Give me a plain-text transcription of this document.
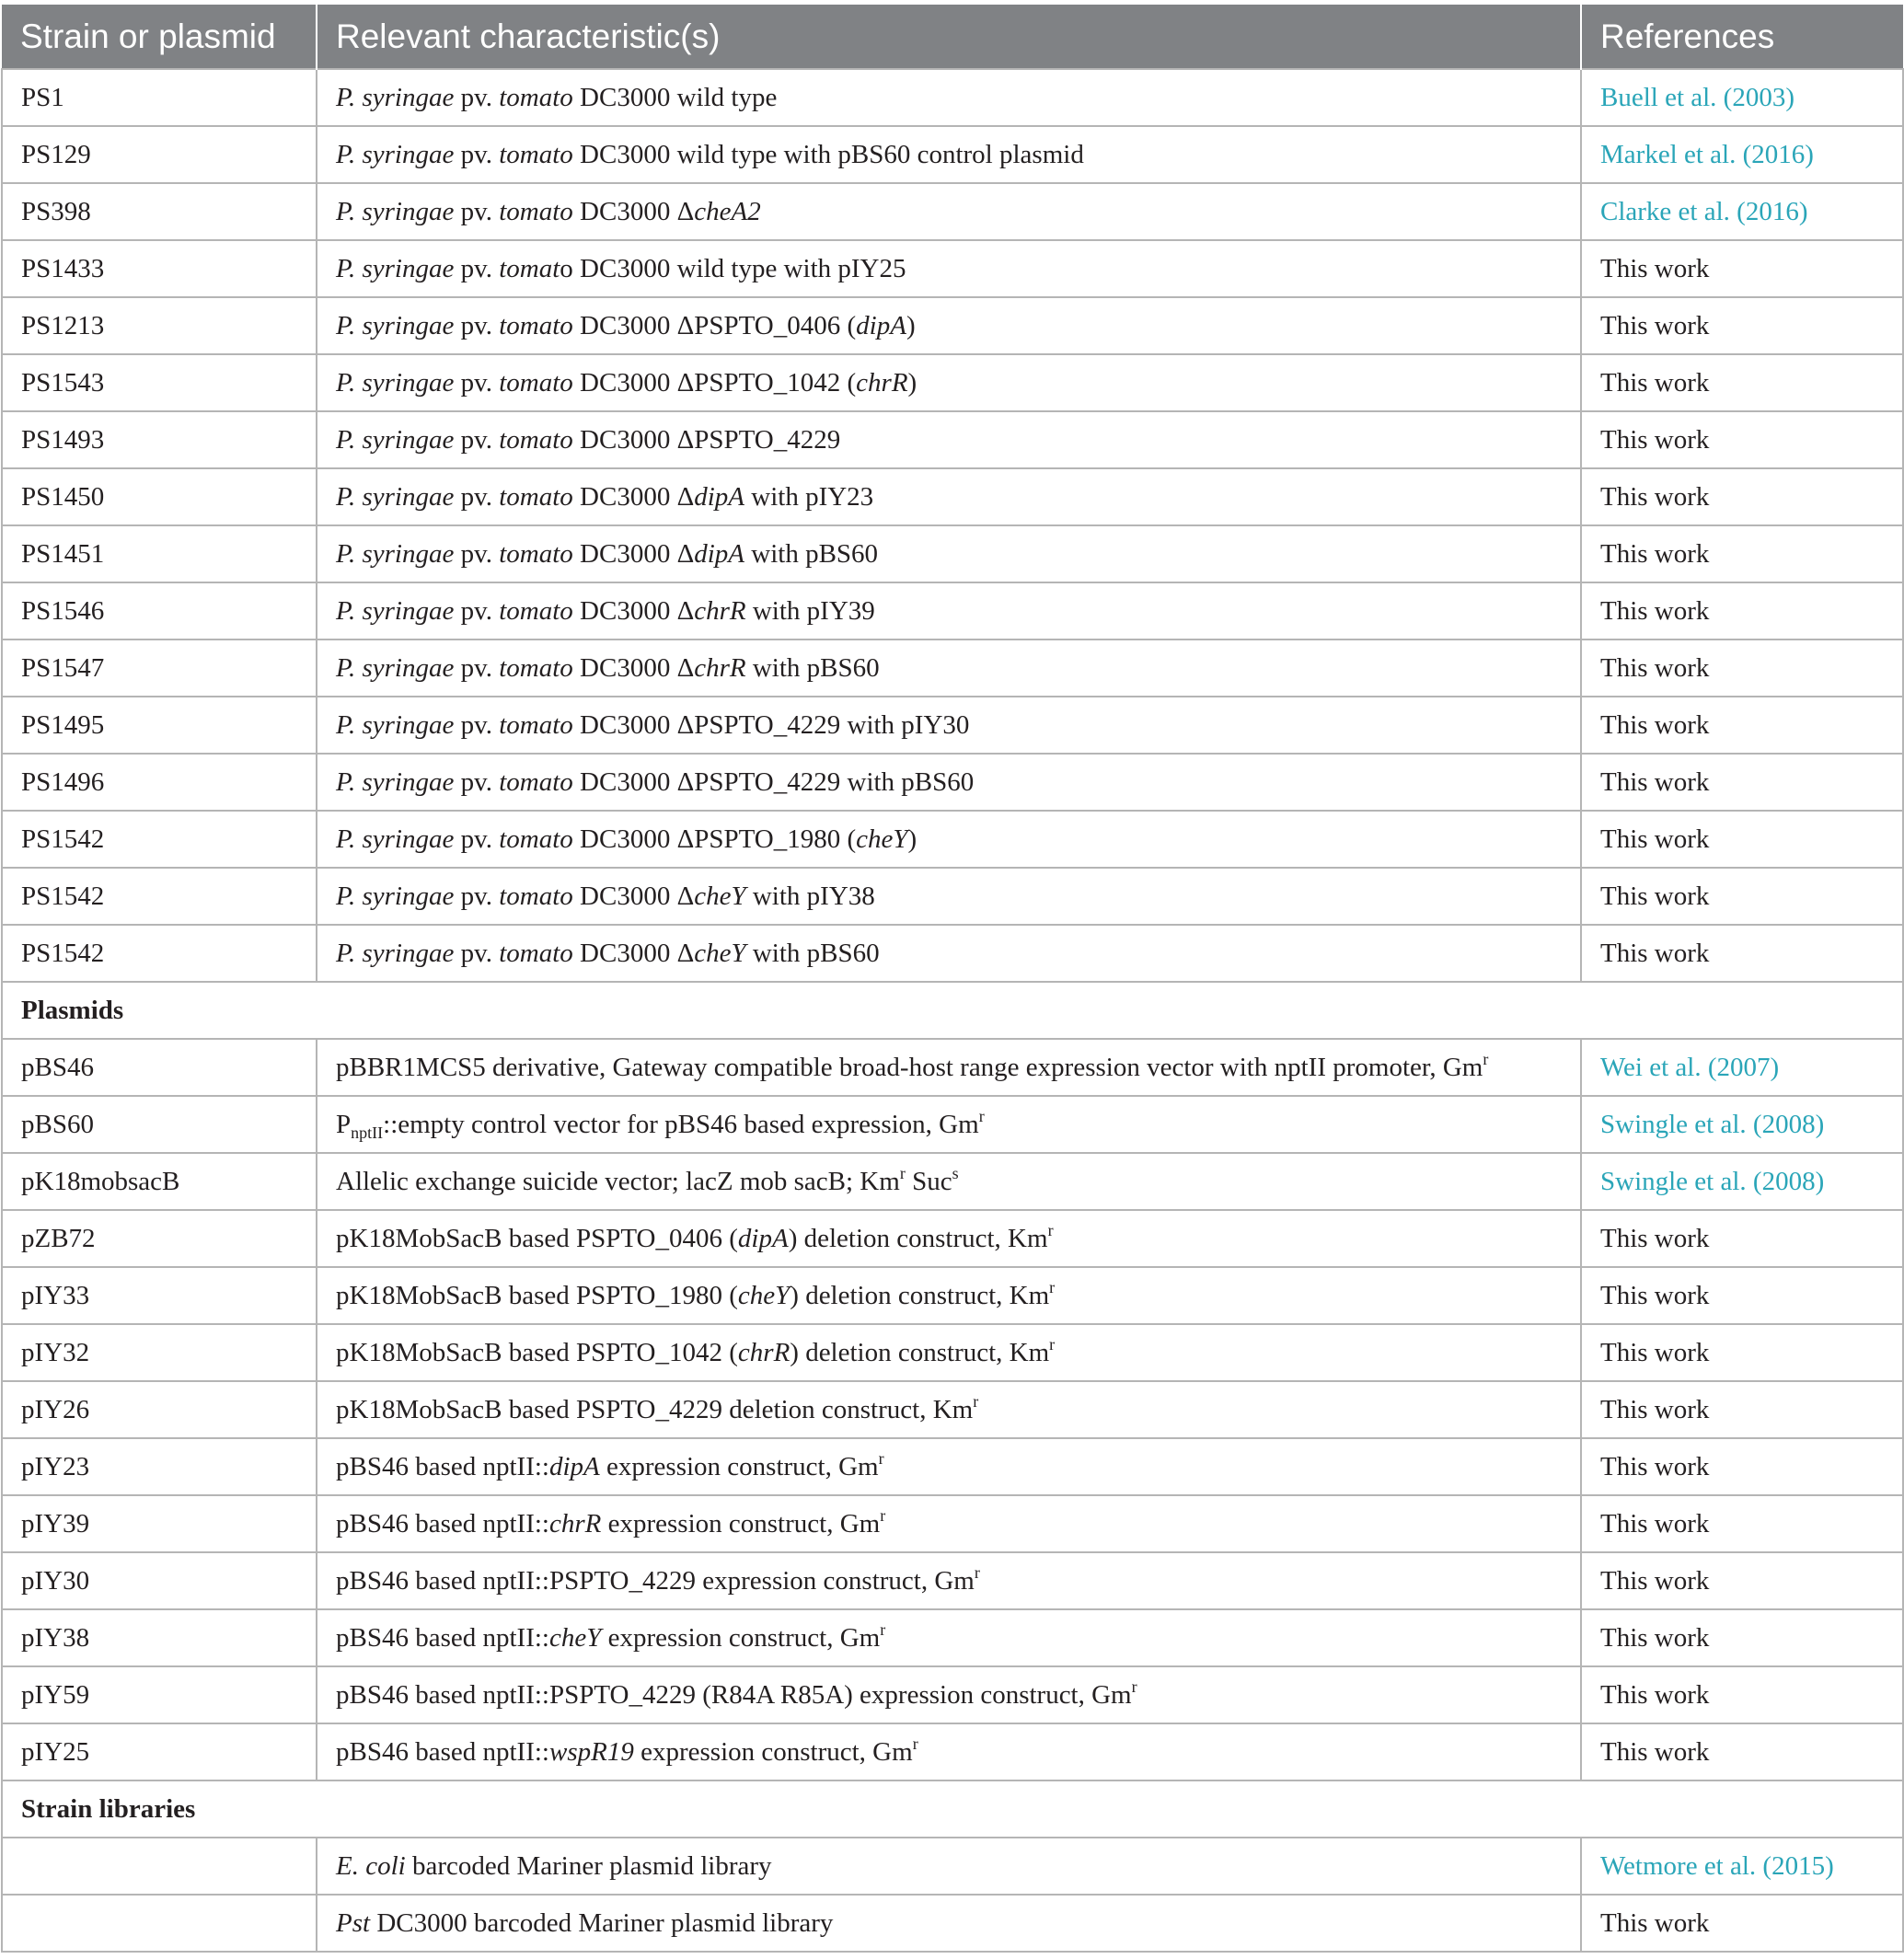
Strain or plasmid	Relevant characteristic(s)	References
PS1	P. syringae pv. tomato DC3000 wild type	Buell et al. (2003)
PS129	P. syringae pv. tomato DC3000 wild type with pBS60 control plasmid	Markel et al. (2016)
PS398	P. syringae pv. tomato DC3000 ΔcheA2	Clarke et al. (2016)
PS1433	P. syringae pv. tomato DC3000 wild type with pIY25	This work
PS1213	P. syringae pv. tomato DC3000 ΔPSPTO_0406 (dipA)	This work
PS1543	P. syringae pv. tomato DC3000 ΔPSPTO_1042 (chrR)	This work
PS1493	P. syringae pv. tomato DC3000 ΔPSPTO_4229	This work
PS1450	P. syringae pv. tomato DC3000 ΔdipA with pIY23	This work
PS1451	P. syringae pv. tomato DC3000 ΔdipA with pBS60	This work
PS1546	P. syringae pv. tomato DC3000 ΔchrR with pIY39	This work
PS1547	P. syringae pv. tomato DC3000 ΔchrR with pBS60	This work
PS1495	P. syringae pv. tomato DC3000 ΔPSPTO_4229 with pIY30	This work
PS1496	P. syringae pv. tomato DC3000 ΔPSPTO_4229 with pBS60	This work
PS1542	P. syringae pv. tomato DC3000 ΔPSPTO_1980 (cheY)	This work
PS1542	P. syringae pv. tomato DC3000 ΔcheY with pIY38	This work
PS1542	P. syringae pv. tomato DC3000 ΔcheY with pBS60	This work
Plasmids		
pBS46	pBBR1MCS5 derivative, Gateway compatible broad-host range expression vector with nptII promoter, Gm$^r$	Wei et al. (2007)
pBS60	$P_{nptII}::empty$ control vector for pBS46 based expression, Gm$^r$	Swingle et al. (2008)
pK18mobsacB	Allelic exchange suicide vector; lacZ mob sacB; Km$^r$ Suc$^s$	Swingle et al. (2008)
pZB72	pK18MobSacB based PSPTO_0406 (dipA) deletion construct, Km$^r$	This work
pIY33	pK18MobSacB based PSPTO_1980 (cheY) deletion construct, Km$^r$	This work
pIY32	pK18MobSacB based PSPTO_1042 (chrR) deletion construct, Km$^r$	This work
pIY26	pK18MobSacB based PSPTO_4229 deletion construct, Km$^r$	This work
pIY23	pBS46 based nptII::dipA expression construct, Gm$^r$	This work
pIY39	pBS46 based nptII::chrR expression construct, Gm$^r$	This work
pIY30	pBS46 based nptII::PSPTO_4229 expression construct, Gm$^r$	This work
pIY38	pBS46 based nptII::cheY expression construct, Gm$^r$	This work
pIY59	pBS46 based nptII::PSPTO_4229 (R84A R85A) expression construct, Gm$^r$	This work
pIY25	pBS46 based nptII::wspR19 expression construct, Gm$^r$	This work
Strain libraries		
	E. coli barcoded Mariner plasmid library	Wetmore et al. (2015)
	Pst DC3000 barcoded Mariner plasmid library	This work
